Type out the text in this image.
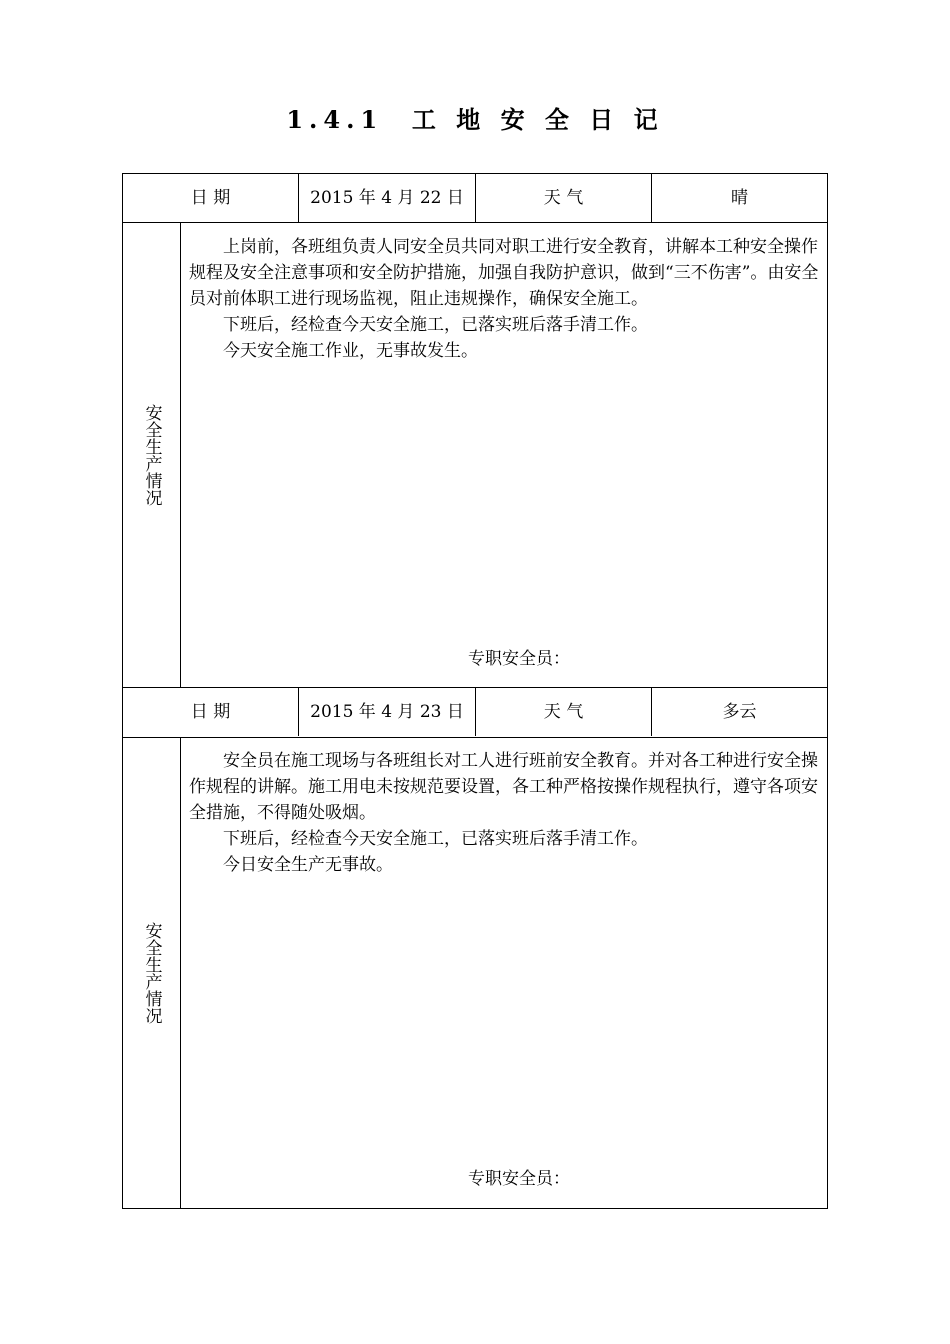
1.4.1  工 地 安 全 日 记
日 期	2015 年 4 月 22 日	天 气	晴
安全生产情况

上岗前，各班组负责人同安全员共同对职工进行安全教育，讲解本工种安全操作规程及安全注意事项和安全防护措施，加强自我防护意识，做到“三不伤害”。由安全员对前体职工进行现场监视，阻止违规操作，确保安全施工。

下班后，经检查今天安全施工，已落实班后落手清工作。

今天安全施工作业，无事故发生。

专职安全员：
日 期	2015 年 4 月 23 日	天 气	多云
安全生产情况

安全员在施工现场与各班组长对工人进行班前安全教育。并对各工种进行安全操作规程的讲解。施工用电未按规范要设置，各工种严格按操作规程执行，遵守各项安全措施，不得随处吸烟。

下班后，经检查今天安全施工，已落实班后落手清工作。

今日安全生产无事故。

专职安全员：
